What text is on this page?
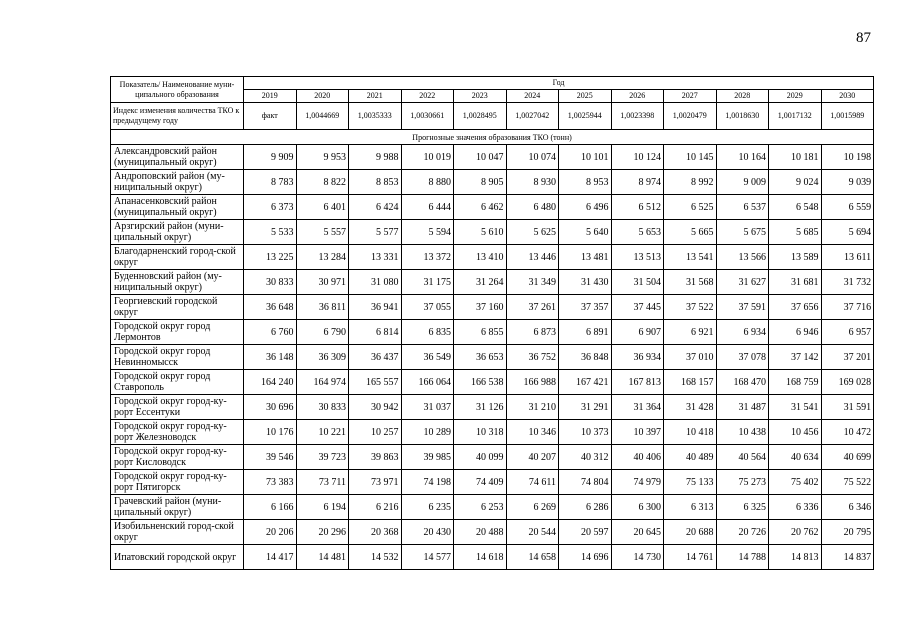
87
Показатель/ Наименование муни-ципального образования	Год											
	2019	2020	2021	2022	2023	2024	2025	2026	2027	2028	2029	2030
Индекс изменения количества ТКО к предыдущему году	факт	1,0044669	1,0035333	1,0030661	1,0028495	1,0027042	1,0025944	1,0023398	1,0020479	1,0018630	1,0017132	1,0015989
Прогнозные значения образования ТКО (тонн)												
Александровский район (муниципальный округ)	9 909	9 953	9 988	10 019	10 047	10 074	10 101	10 124	10 145	10 164	10 181	10 198
Андроповский район (му-ниципальный округ)	8 783	8 822	8 853	8 880	8 905	8 930	8 953	8 974	8 992	9 009	9 024	9 039
Апанасенковский район (муниципальный округ)	6 373	6 401	6 424	6 444	6 462	6 480	6 496	6 512	6 525	6 537	6 548	6 559
Арзгирский район (муни-ципальный округ)	5 533	5 557	5 577	5 594	5 610	5 625	5 640	5 653	5 665	5 675	5 685	5 694
Благодарненский город-ской округ	13 225	13 284	13 331	13 372	13 410	13 446	13 481	13 513	13 541	13 566	13 589	13 611
Буденновский район (му-ниципальный округ)	30 833	30 971	31 080	31 175	31 264	31 349	31 430	31 504	31 568	31 627	31 681	31 732
Георгиевский городской округ	36 648	36 811	36 941	37 055	37 160	37 261	37 357	37 445	37 522	37 591	37 656	37 716
Городской округ город Лермонтов	6 760	6 790	6 814	6 835	6 855	6 873	6 891	6 907	6 921	6 934	6 946	6 957
Городской округ город Невинномысск	36 148	36 309	36 437	36 549	36 653	36 752	36 848	36 934	37 010	37 078	37 142	37 201
Городской округ город Ставрополь	164 240	164 974	165 557	166 064	166 538	166 988	167 421	167 813	168 157	168 470	168 759	169 028
Городской округ город-ку-рорт Ессентуки	30 696	30 833	30 942	31 037	31 126	31 210	31 291	31 364	31 428	31 487	31 541	31 591
Городской округ город-ку-рорт Железноводск	10 176	10 221	10 257	10 289	10 318	10 346	10 373	10 397	10 418	10 438	10 456	10 472
Городской округ город-ку-рорт Кисловодск	39 546	39 723	39 863	39 985	40 099	40 207	40 312	40 406	40 489	40 564	40 634	40 699
Городской округ город-ку-рорт Пятигорск	73 383	73 711	73 971	74 198	74 409	74 611	74 804	74 979	75 133	75 273	75 402	75 522
Грачевский район (муни-ципальный округ)	6 166	6 194	6 216	6 235	6 253	6 269	6 286	6 300	6 313	6 325	6 336	6 346
Изобильненский город-ской округ	20 206	20 296	20 368	20 430	20 488	20 544	20 597	20 645	20 688	20 726	20 762	20 795
Ипатовский городской округ	14 417	14 481	14 532	14 577	14 618	14 658	14 696	14 730	14 761	14 788	14 813	14 837
